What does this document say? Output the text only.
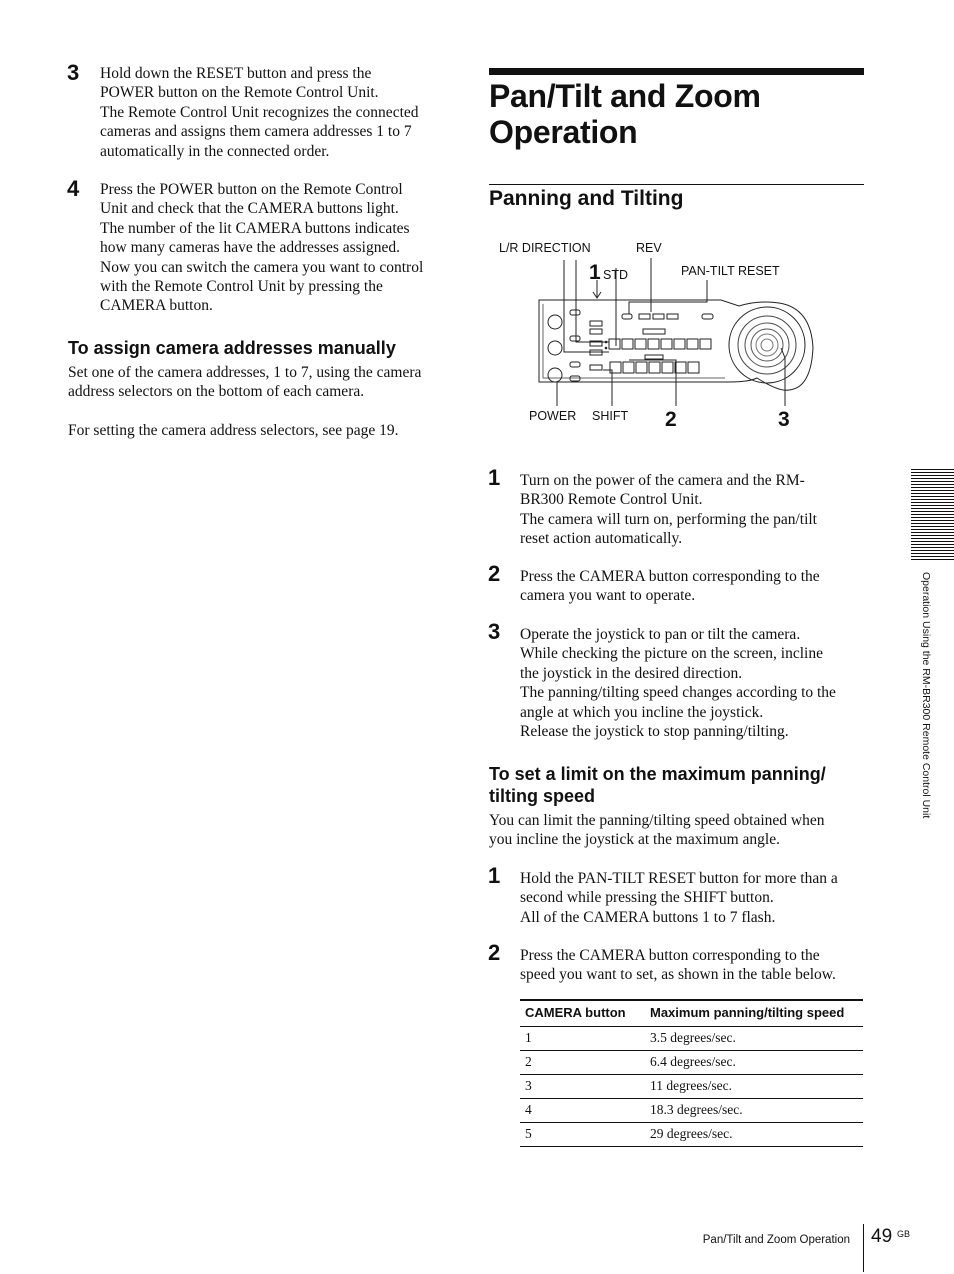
3 Hold down the RESET button and press the

POWER button on the Remote Control Unit.

The Remote Control Unit recognizes the connected

cameras and assigns them camera addresses 1 to 7

automatically in the connected order.

4 Press the POWER button on the Remote Control

Unit and check that the CAMERA buttons light.

The number of the lit CAMERA buttons indicates

how many cameras have the addresses assigned.

Now you can switch the camera you want to control

with the Remote Control Unit by pressing the

CAMERA button.

To assign camera addresses manually

Set one of the camera addresses, 1 to 7, using the camera

address selectors on the bottom of each camera.

For setting the camera address selectors, see page 19.

Pan/Tilt and Zoom Operation
Panning and Tilting
L/R DIRECTION	REV
1 STD	PAN-TILT RESET
POWER SHIFT 2	3
1 Turn on the power of the camera and the RM-

BR300 Remote Control Unit.

The camera will turn on, performing the pan/tilt

reset action automatically.

2 Press the CAMERA button corresponding to the

camera you want to operate.

3 Operate the joystick to pan or tilt the camera.

While checking the picture on the screen, incline

the joystick in the desired direction.

The panning/tilting speed changes according to the

angle at which you incline the joystick.

Release the joystick to stop panning/tilting.

To set a limit on the maximum panning/
tilting speed

You can limit the panning/tilting speed obtained when

you incline the joystick at the maximum angle.

1 Hold the PAN-TILT RESET button for more than a

second while pressing the SHIFT button.

All of the CAMERA buttons 1 to 7 flash.

2 Press the CAMERA button corresponding to the

speed you want to set, as shown in the table below.

CAMERA button	Maximum panning/tilting speed
1	3.5 degrees/sec.
2	6.4 degrees/sec.
3	11 degrees/sec.
4	18.3 degrees/sec.
5	29 degrees/sec.
Operation Using the RM-BR300 Remote Control Unit
Pan/Tilt and Zoom Operation 49 GB
